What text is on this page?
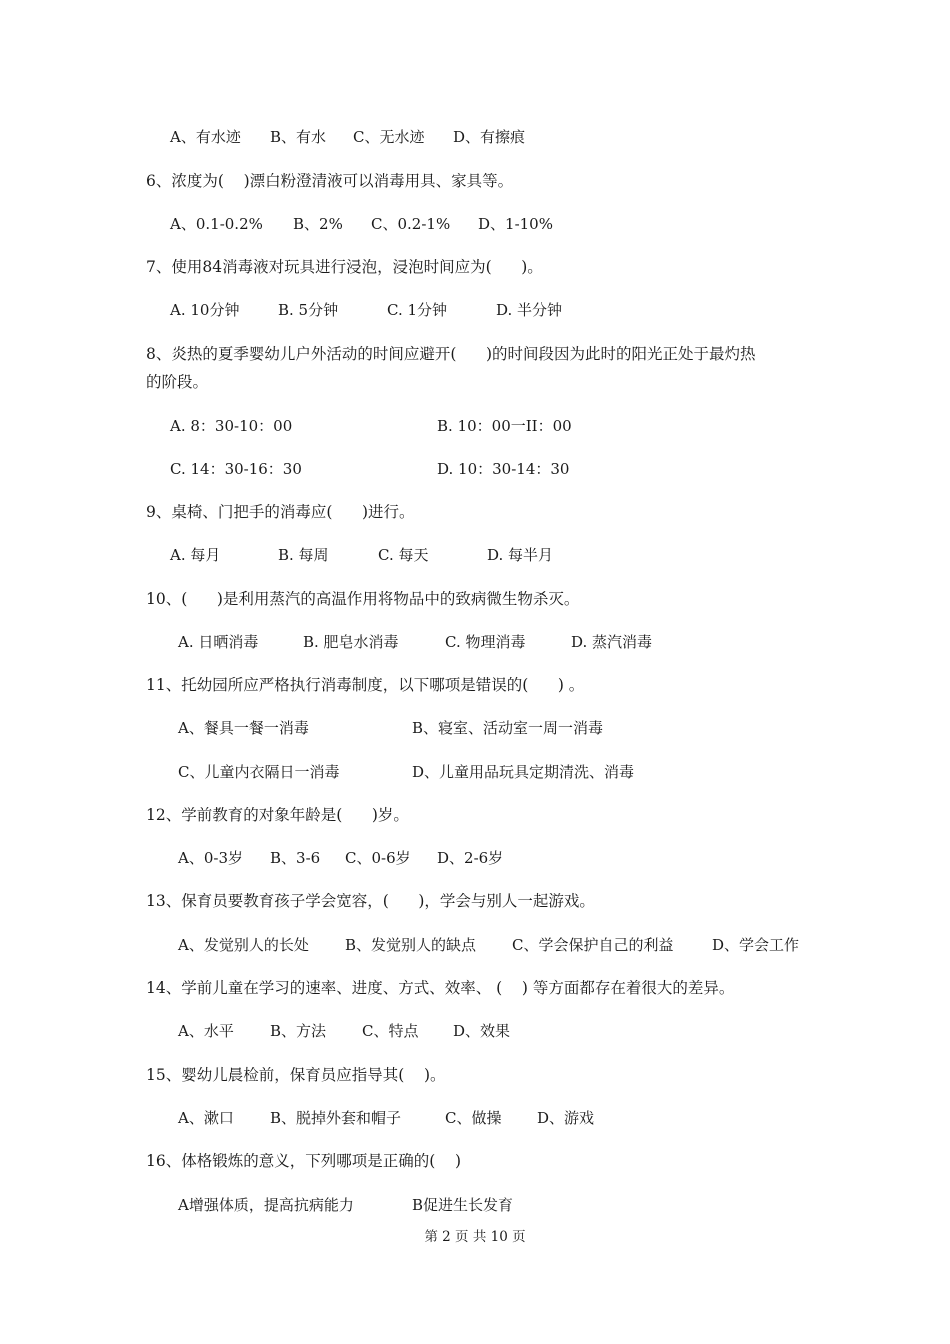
A、有水迹 B、有水 C、无水迹 D、有擦痕
6、浓度为(    )漂白粉澄清液可以消毒用具、家具等。
A、0.1-0.2% B、2% C、0.2-1% D、1-10%
7、使用84消毒液对玩具进行浸泡，浸泡时间应为(      )。
A. 10分钟	B. 5分钟	C. 1分钟	D. 半分钟
8、炎热的夏季婴幼儿户外活动的时间应避开(      )的时间段因为此时的阳光正处于最灼热
的阶段。
A. 8：30-10：00	B. 10：00一II：00
C. 14：30-16：30	D. 10：30-14：30
9、桌椅、门把手的消毒应(      )进行。
A. 每月	B. 每周	C. 每天	D. 每半月
10、(      )是利用蒸汽的高温作用将物品中的致病微生物杀灭。
A. 日晒消毒	B. 肥皂水消毒	C. 物理消毒	D. 蒸汽消毒
11、托幼园所应严格执行消毒制度，以下哪项是错误的(      ) 。
A、餐具一餐一消毒	B、寝室、活动室一周一消毒
C、儿童内衣隔日一消毒	D、儿童用品玩具定期清洗、消毒
12、学前教育的对象年龄是(      )岁。
A、0-3岁 B、3-6 C、0-6岁 D、2-6岁
13、保育员要教育孩子学会宽容，(      )，学会与别人一起游戏。
A、发觉别人的长处 B、发觉别人的缺点 C、学会保护自己的利益	D、学会工作
14、学前儿童在学习的速率、进度、方式、效率、 (    ) 等方面都存在着很大的差异。
A、水平 B、方法 C、特点 D、效果
15、婴幼儿晨检前，保育员应指导其(    )。
A、漱口 B、脱掉外套和帽子	C、做操 D、游戏
16、体格锻炼的意义，下列哪项是正确的(    )
A增强体质，提高抗病能力	B促进生长发育
第 2 页 共 10 页
